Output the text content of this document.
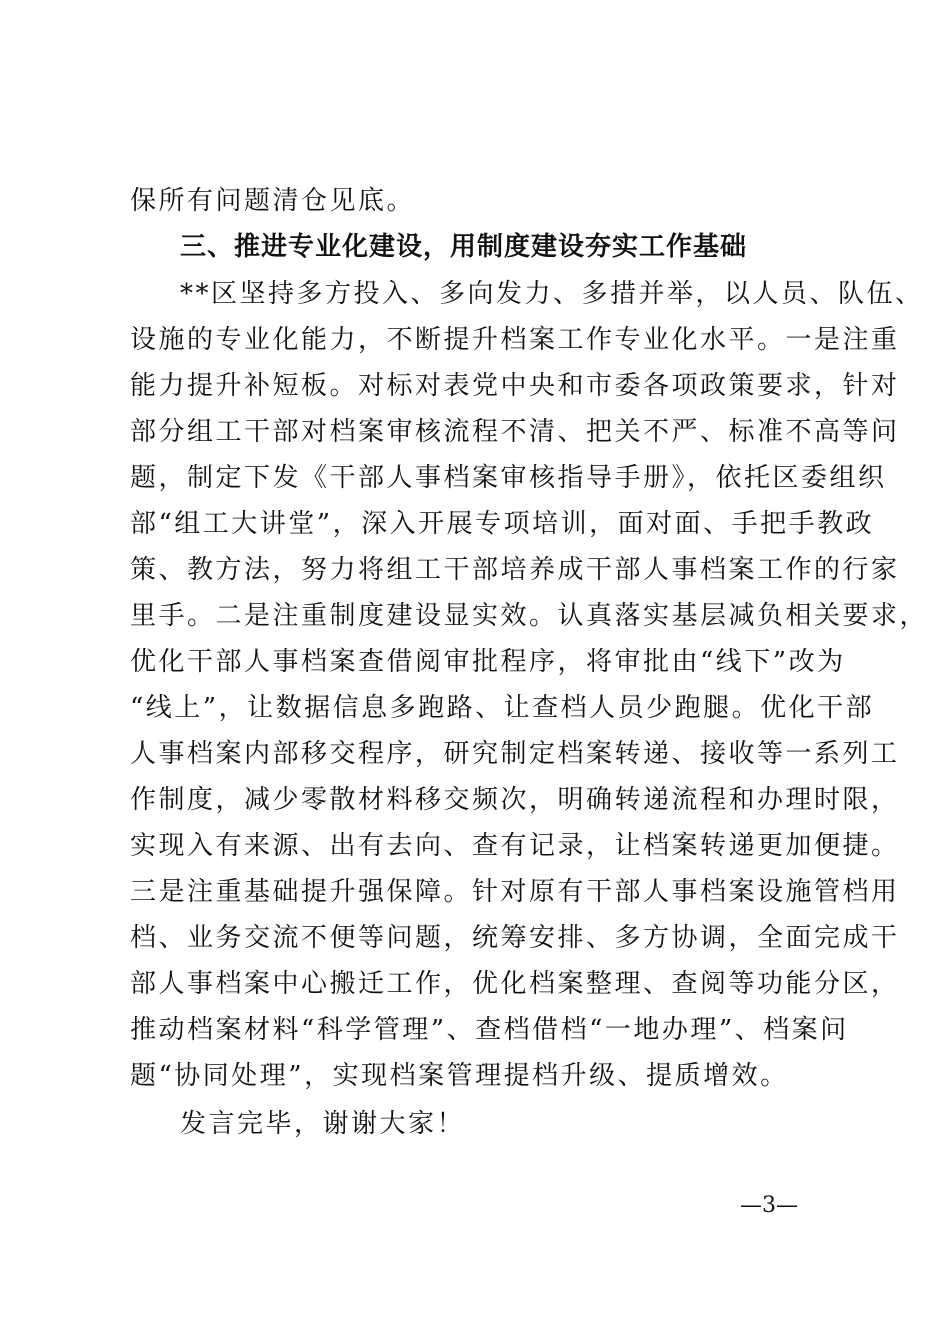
保所有问题清仓见底。
三、推进专业化建设，用制度建设夯实工作基础
**区坚持多方投入、多向发力、多措并举，以人员、队伍、
设施的专业化能力，不断提升档案工作专业化水平。一是注重
能力提升补短板。对标对表党中央和市委各项政策要求，针对
部分组工干部对档案审核流程不清、把关不严、标准不高等问
题，制定下发《干部人事档案审核指导手册》，依托区委组织
部“组工大讲堂”，深入开展专项培训，面对面、手把手教政
策、教方法，努力将组工干部培养成干部人事档案工作的行家
里手。二是注重制度建设显实效。认真落实基层减负相关要求，
优化干部人事档案查借阅审批程序，将审批由“线下”改为
“线上”，让数据信息多跑路、让查档人员少跑腿。优化干部
人事档案内部移交程序，研究制定档案转递、接收等一系列工
作制度，减少零散材料移交频次，明确转递流程和办理时限，
实现入有来源、出有去向、查有记录，让档案转递更加便捷。
三是注重基础提升强保障。针对原有干部人事档案设施管档用
档、业务交流不便等问题，统筹安排、多方协调，全面完成干
部人事档案中心搬迁工作，优化档案整理、查阅等功能分区，
推动档案材料“科学管理”、查档借档“一地办理”、档案问
题“协同处理”，实现档案管理提档升级、提质增效。
发言完毕，谢谢大家！
—3—
